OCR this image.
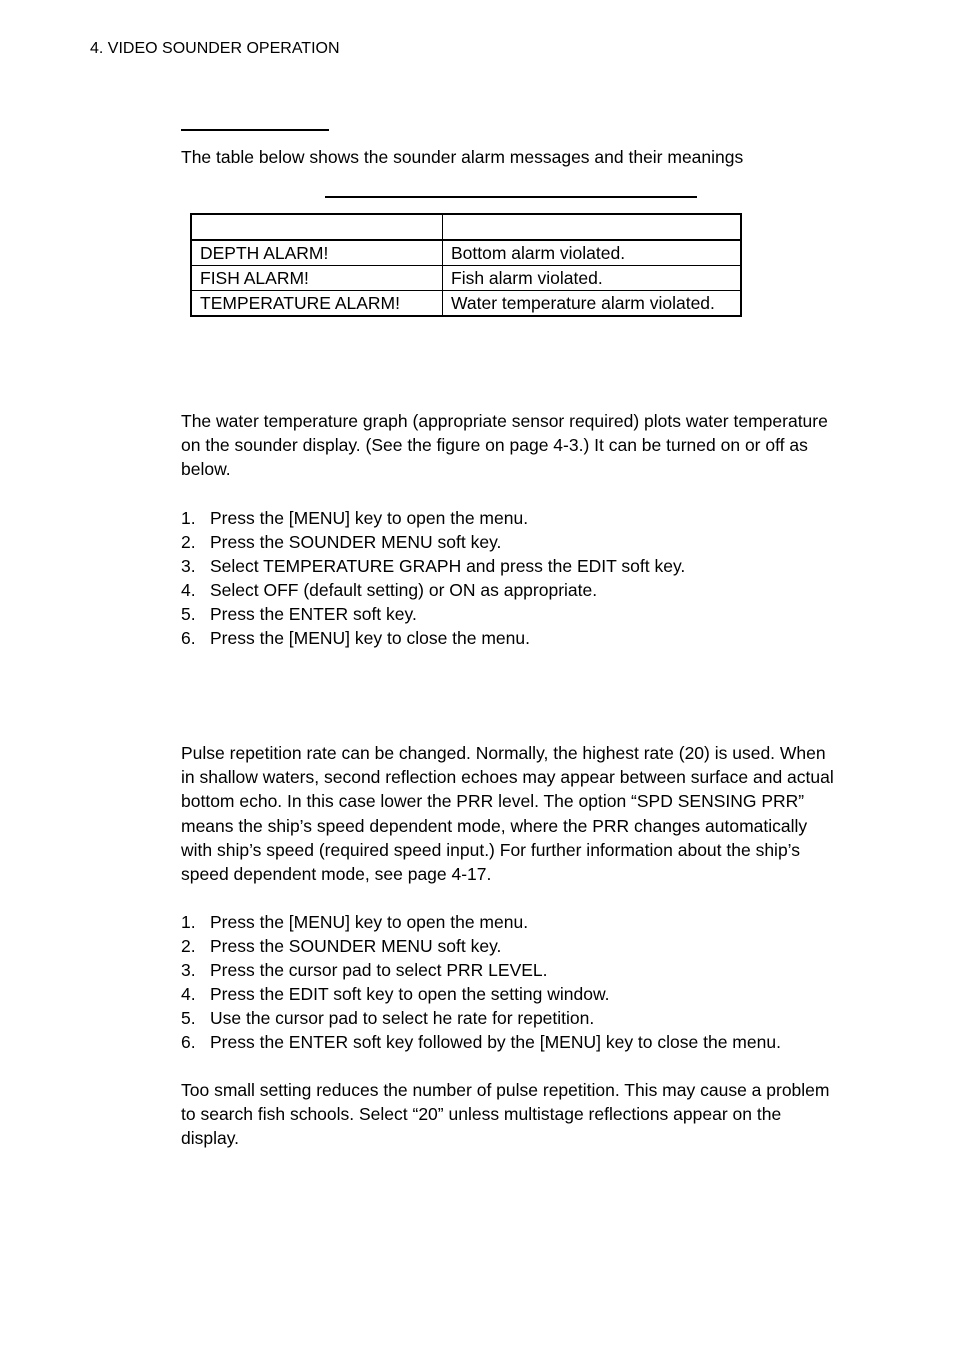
4. VIDEO SOUNDER OPERATION

The table below shows the sounder alarm messages and their meanings

DEPTH ALARM!	Bottom alarm violated.
FISH ALARM!	Fish alarm violated.
TEMPERATURE ALARM!	Water temperature alarm violated.

The water temperature graph (appropriate sensor required) plots water temperature on the sounder display. (See the figure on page 4-3.) It can be turned on or off as below.

1. Press the [MENU] key to open the menu.
2. Press the SOUNDER MENU soft key.
3. Select TEMPERATURE GRAPH and press the EDIT soft key.
4. Select OFF (default setting) or ON as appropriate.
5. Press the ENTER soft key.
6. Press the [MENU] key to close the menu.

Pulse repetition rate can be changed. Normally, the highest rate (20) is used. When in shallow waters, second reflection echoes may appear between surface and actual bottom echo. In this case lower the PRR level. The option “SPD SENSING PRR” means the ship’s speed dependent mode, where the PRR changes automatically with ship’s speed (required speed input.) For further information about the ship’s speed dependent mode, see page 4-17.

1. Press the [MENU] key to open the menu.
2. Press the SOUNDER MENU soft key.
3. Press the cursor pad to select PRR LEVEL.
4. Press the EDIT soft key to open the setting window.
5. Use the cursor pad to select he rate for repetition.
6. Press the ENTER soft key followed by the [MENU] key to close the menu.

Too small setting reduces the number of pulse repetition. This may cause a problem to search fish schools. Select “20” unless multistage reflections appear on the display.
